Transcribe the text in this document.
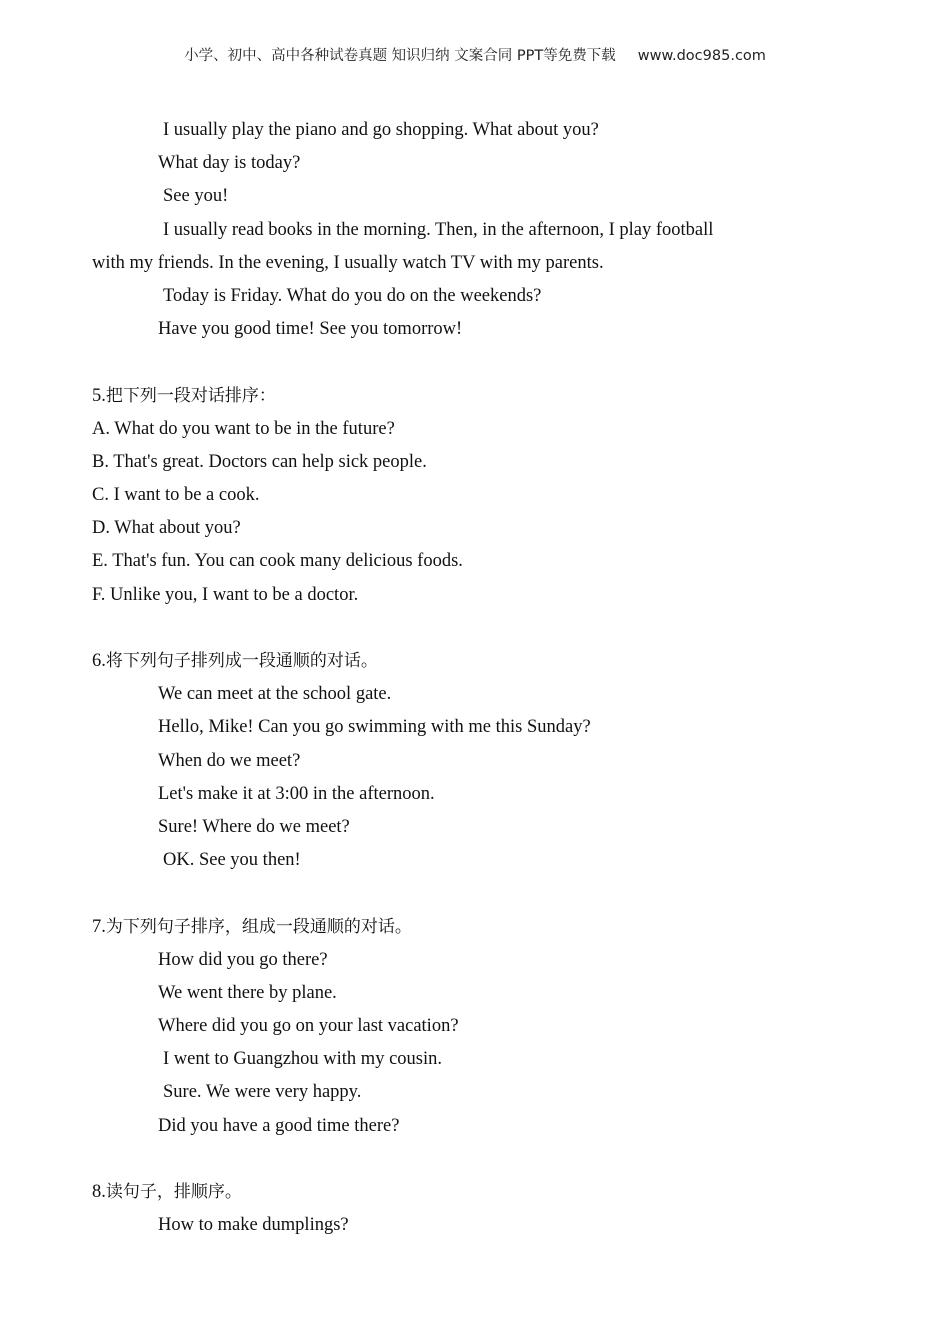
小学、初中、高中各种试卷真题 知识归纳 文案合同 PPT等免费下载 www.doc985.com
I usually play the piano and go shopping. What about you?
What day is today?
See you!
I usually read books in the morning. Then, in the afternoon, I play football
with my friends. In the evening, I usually watch TV with my parents.
Today is Friday. What do you do on the weekends?
Have you good time! See you tomorrow!
5.把下列一段对话排序：
A. What do you want to be in the future?
B. That's great. Doctors can help sick people.
C. I want to be a cook.
D. What about you?
E. That's fun. You can cook many delicious foods.
F. Unlike you, I want to be a doctor.
6.将下列句子排列成一段通顺的对话。
We can meet at the school gate.
Hello, Mike! Can you go swimming with me this Sunday?
When do we meet?
Let's make it at 3:00 in the afternoon.
Sure! Where do we meet?
OK. See you then!
7.为下列句子排序，组成一段通顺的对话。
How did you go there?
We went there by plane.
Where did you go on your last vacation?
I went to Guangzhou with my cousin.
Sure. We were very happy.
Did you have a good time there?
8.读句子，排顺序。
How to make dumplings?
